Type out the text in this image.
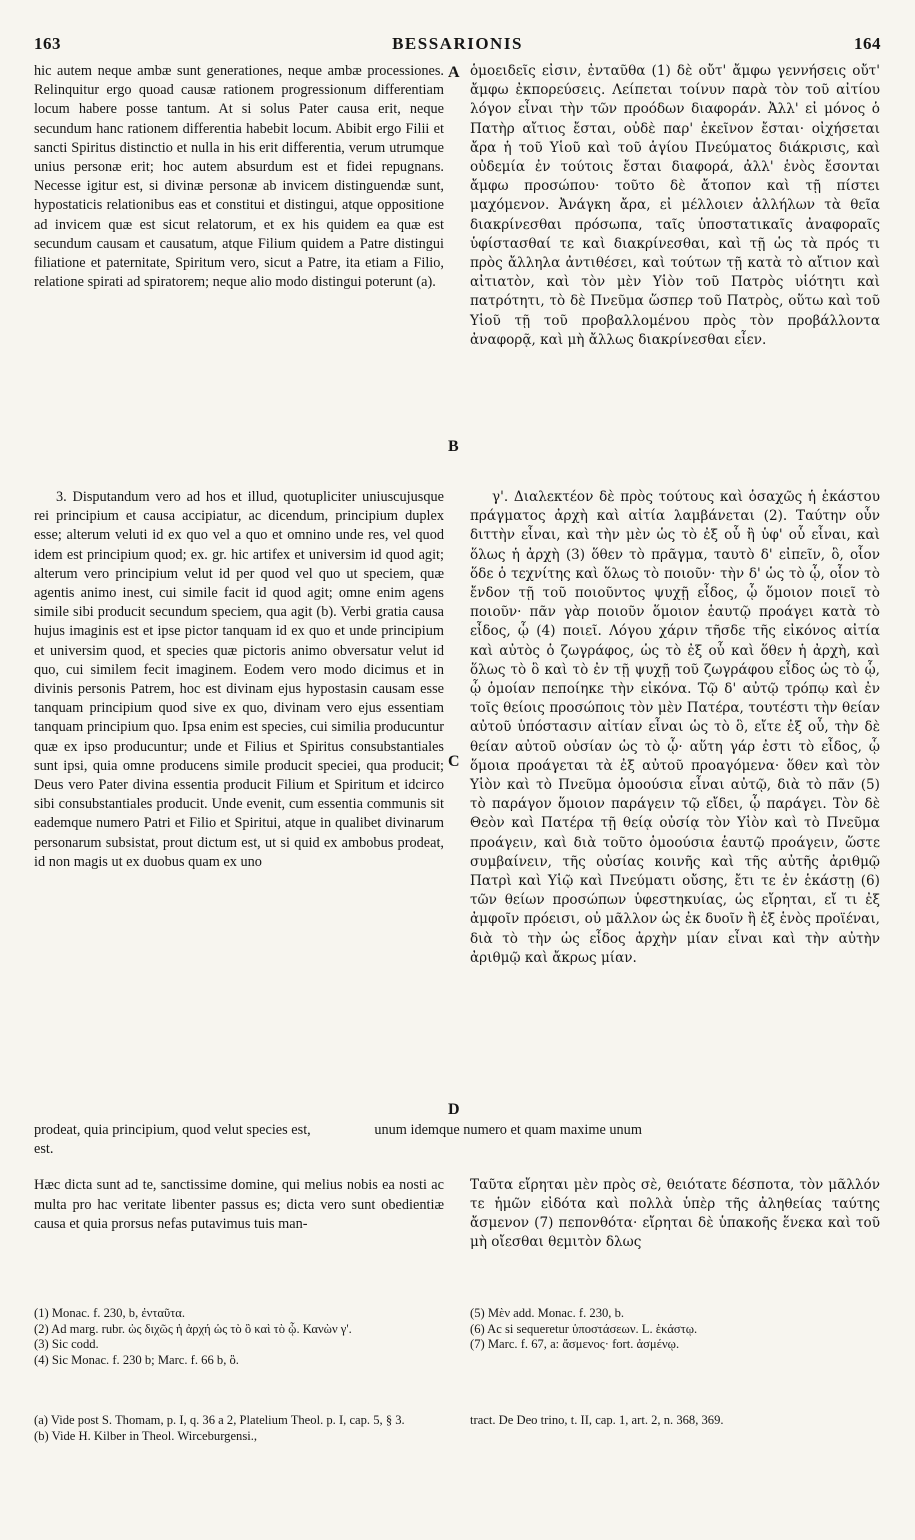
163	BESSARIONIS	164

hic autem neque ambæ sunt generationes, neque ambæ processiones. Relinquitur ergo quoad causæ rationem progressionum differentiam locum habere posse tantum. At si solus Pater causa erit, neque secundum hanc rationem differentia habebit locum. Abibit ergo Filii et sancti Spiritus distinctio et nulla in his erit differentia, verum utrumque unius personæ erit; hoc autem absurdum est et fidei repugnans. Necesse igitur est, si divinæ personæ ab invicem distinguendæ sunt, hypostaticis relationibus eas et constitui et distingui, atque oppositione ad invicem quæ est sicut relatorum, et ex his quidem ea quæ est secundum causam et causatum, atque Filium quidem a Patre distingui filiatione et paternitate, Spiritum vero, sicut a Patre, ita etiam a Filio, relatione spirati ad spiratorem; neque alio modo distingui poterunt (a).

A
B
C
D

ὁμοειδεῖς εἰσιν, ἐνταῦθα (1) δὲ οὔτ' ἄμφω γεννήσεις οὔτ' ἄμφω ἐκπορεύσεις. Λείπεται τοίνυν παρὰ τὸν τοῦ αἰτίου λόγον εἶναι τὴν τῶν προόδων διαφοράν. Ἀλλ' εἰ μόνος ὁ Πατὴρ αἴτιος ἔσται, οὐδὲ παρ' ἐκεῖνον ἔσται· οἰχήσεται ἄρα ἡ τοῦ Υἱοῦ καὶ τοῦ ἁγίου Πνεύματος διάκρισις, καὶ οὐδεμία ἐν τούτοις ἔσται διαφορά, ἀλλ' ἑνὸς ἔσονται ἄμφω προσώπου· τοῦτο δὲ ἄτοπον καὶ τῇ πίστει μαχόμενον. Ἀνάγκη ἄρα, εἰ μέλλοιεν ἀλλήλων τὰ θεῖα διακρίνεσθαι πρόσωπα, ταῖς ὑποστατικαῖς ἀναφοραῖς ὑφίστασθαί τε καὶ διακρίνεσθαι, καὶ τῇ ὡς τὰ πρός τι πρὸς ἄλληλα ἀντιθέσει, καὶ τούτων τῇ κατὰ τὸ αἴτιον καὶ αἰτιατὸν, καὶ τὸν μὲν Υἱὸν τοῦ Πατρὸς υἱότητι καὶ πατρότητι, τὸ δὲ Πνεῦμα ὥσπερ τοῦ Πατρὸς, οὕτω καὶ τοῦ Υἱοῦ τῇ τοῦ προβαλλομένου πρὸς τὸν προβάλλοντα ἀναφορᾷ, καὶ μὴ ἄλλως διακρίνεσθαι εἶεν.

3. Disputandum vero ad hos et illud, quotupliciter uniuscujusque rei principium et causa accipiatur, ac dicendum, principium duplex esse; alterum veluti id ex quo vel a quo et omnino unde res, vel quod idem est principium quod; ex. gr. hic artifex et universim id quod agit; alterum vero principium velut id per quod vel quo ut speciem, quæ agentis animo inest, cui simile facit id quod agit; omne enim agens simile sibi producit secundum speciem, qua agit (b). Verbi gratia causa hujus imaginis est et ipse pictor tanquam id ex quo et unde principium et universim quod, et species quæ pictoris animo obversatur velut id quo, cui similem fecit imaginem. Eodem vero modo dicimus et in divinis personis Patrem, hoc est divinam ejus hypostasin causam esse tanquam principium quod sive ex quo, divinam vero ejus essentiam tanquam principium quo. Ipsa enim est species, cui similia producuntur quæ ex ipso producuntur; unde et Filius et Spiritus consubstantiales sunt ipsi, quia omne producens simile producit speciei, qua producit; Deus vero Pater divina essentia producit Filium et Spiritum et idcirco sibi consubstantiales producit. Unde evenit, cum essentia communis sit eademque numero Patri et Filio et Spiritui, atque in qualibet divinarum personarum subsistat, prout dictum est, ut si quid ex ambobus prodeat, id non magis ut ex duobus quam ex uno

γ'. Διαλεκτέον δὲ πρὸς τούτους καὶ ὁσαχῶς ἡ ἑκάστου πράγματος ἀρχὴ καὶ αἰτία λαμβάνεται (2). Ταύτην οὖν διττὴν εἶναι, καὶ τὴν μὲν ὡς τὸ ἐξ οὗ ἢ ὑφ' οὗ εἶναι, καὶ ὅλως ἡ ἀρχὴ (3) ὅθεν τὸ πρᾶγμα, ταυτὸ δ' εἰπεῖν, ὃ, οἷον ὅδε ὁ τεχνίτης καὶ ὅλως τὸ ποιοῦν· τὴν δ' ὡς τὸ ᾧ, οἷον τὸ ἔνδον τῇ τοῦ ποιοῦντος ψυχῇ εἶδος, ᾧ ὅμοιον ποιεῖ τὸ ποιοῦν· πᾶν γὰρ ποιοῦν ὅμοιον ἑαυτῷ προάγει κατὰ τὸ εἶδος, ᾧ (4) ποιεῖ. Λόγου χάριν τῆσδε τῆς εἰκόνος αἰτία καὶ αὐτὸς ὁ ζωγράφος, ὡς τὸ ἐξ οὗ καὶ ὅθεν ἡ ἀρχὴ, καὶ ὅλως τὸ ὃ καὶ τὸ ἐν τῇ ψυχῇ τοῦ ζωγράφου εἶδος ὡς τὸ ᾧ, ᾧ ὁμοίαν πεποίηκε τὴν εἰκόνα. Τῷ δ' αὐτῷ τρόπῳ καὶ ἐν τοῖς θείοις προσώποις τὸν μὲν Πατέρα, τουτέστι τὴν θείαν αὐτοῦ ὑπόστασιν αἰτίαν εἶναι ὡς τὸ ὃ, εἴτε ἐξ οὗ, τὴν δὲ θείαν αὐτοῦ οὐσίαν ὡς τὸ ᾧ· αὕτη γάρ ἐστι τὸ εἶδος, ᾧ ὅμοια προάγεται τὰ ἐξ αὐτοῦ προαγόμενα· ὅθεν καὶ τὸν Υἱὸν καὶ τὸ Πνεῦμα ὁμοούσια εἶναι αὐτῷ, διὰ τὸ πᾶν (5) τὸ παράγον ὅμοιον παράγειν τῷ εἴδει, ᾧ παράγει. Τὸν δὲ Θεὸν καὶ Πατέρα τῇ θείᾳ οὐσίᾳ τὸν Υἱὸν καὶ τὸ Πνεῦμα προάγειν, καὶ διὰ τοῦτο ὁμοούσια ἑαυτῷ προάγειν, ὥστε συμβαίνειν, τῆς οὐσίας κοινῆς καὶ τῆς αὐτῆς ἀριθμῷ Πατρὶ καὶ Υἱῷ καὶ Πνεύματι οὔσης, ἔτι τε ἐν ἑκάστῃ (6) τῶν θείων προσώπων ὑφεστηκυίας, ὡς εἴρηται, εἴ τι ἐξ ἀμφοῖν πρόεισι, οὐ μᾶλλον ὡς ἐκ δυοῖν ἢ ἐξ ἑνὸς προϊέναι, διὰ τὸ τὴν ὡς εἶδος ἀρχὴν μίαν εἶναι καὶ τὴν αὐτὴν ἀριθμῷ καὶ ἄκρως μίαν.

prodeat, quia principium, quod velut species est,	unum idemque numero et quam maxime unum
est.

Hæc dicta sunt ad te, sanctissime domine, qui melius nobis ea nosti ac multa pro hac veritate libenter passus es; dicta vero sunt obedientiæ causa et quia prorsus nefas putavimus tuis man-

Ταῦτα εἴρηται μὲν πρὸς σὲ, θειότατε δέσποτα, τὸν μᾶλλόν τε ἡμῶν εἰδότα καὶ πολλὰ ὑπὲρ τῆς ἀληθείας ταύτης ἄσμενον (7) πεπονθότα· εἴρηται δὲ ὑπακοῆς ἕνεκα καὶ τοῦ μὴ οἴεσθαι θεμιτὸν δλως

(1) Monac. f. 230, b, ἐνταῦτα.
(2) Ad marg. rubr. ὡς διχῶς ἡ ἀρχή ὡς τὸ ὃ καὶ τὸ ᾧ. Κανὼν γ'.
(3) Sic codd.
(4) Sic Monac. f. 230 b; Marc. f. 66 b, ὃ.
(5) Μὲν add. Monac. f. 230, b.
(6) Ac si sequeretur ὑποστάσεων. L. ἑκάστῳ.
(7) Marc. f. 67, a: ἄσμενος· fort. ἀσμένῳ.
(a) Vide post S. Thomam, p. I, q. 36 a 2, Platelium Theol. p. I, cap. 5, § 3.
(b) Vide H. Kilber in Theol. Wirceburgensi.,
tract. De Deo trino, t. II, cap. 1, art. 2, n. 368, 369.
